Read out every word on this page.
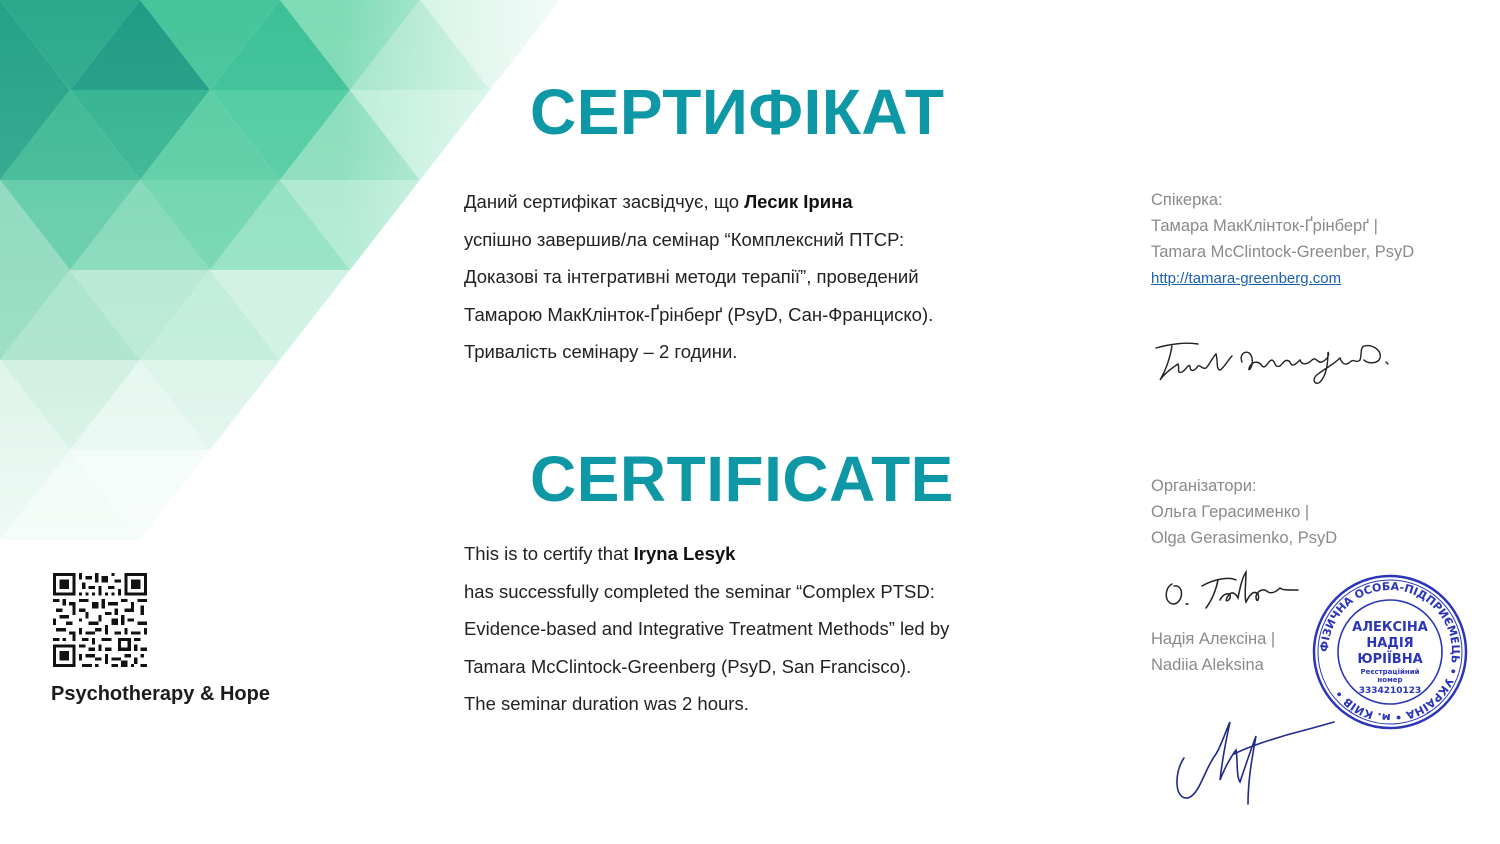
СЕРТИФІКАТ
Даний сертифікат засвідчує, що Лесик Ірина
успішно завершив/ла семінар “Комплексний ПТСР:
Доказові та інтегративні методи терапії”, проведений
Тамарою МакКлінток-Ґрінберґ (PsyD, Сан-Франциско).
Тривалість семінару – 2 години.
CERTIFICATE
This is to certify that Iryna Lesyk
has successfully completed the seminar “Complex PTSD:
Evidence-based and Integrative Treatment Methods” led by
Tamara McClintock-Greenberg (PsyD, San Francisco).
The seminar duration was 2 hours.
Спікерка:
Тамара МакКлінток-Ґрінберґ |
Tamara McClintock-Greenber, PsyD
http://tamara-greenberg.com
Організатори:
Ольга Герасименко |
Olga Gerasimenko, PsyD
Надія Алексіна |
Nadiia Aleksina
ФІЗИЧНА ОСОБА-ПІДПРИЄМЕЦЬ • УКРАЇНА • м. КИЇВ •
АЛЕКСІНА
НАДІЯ
ЮРІЇВНА
Реєстраційний
номер
3334210123
Psychotherapy & Hope
